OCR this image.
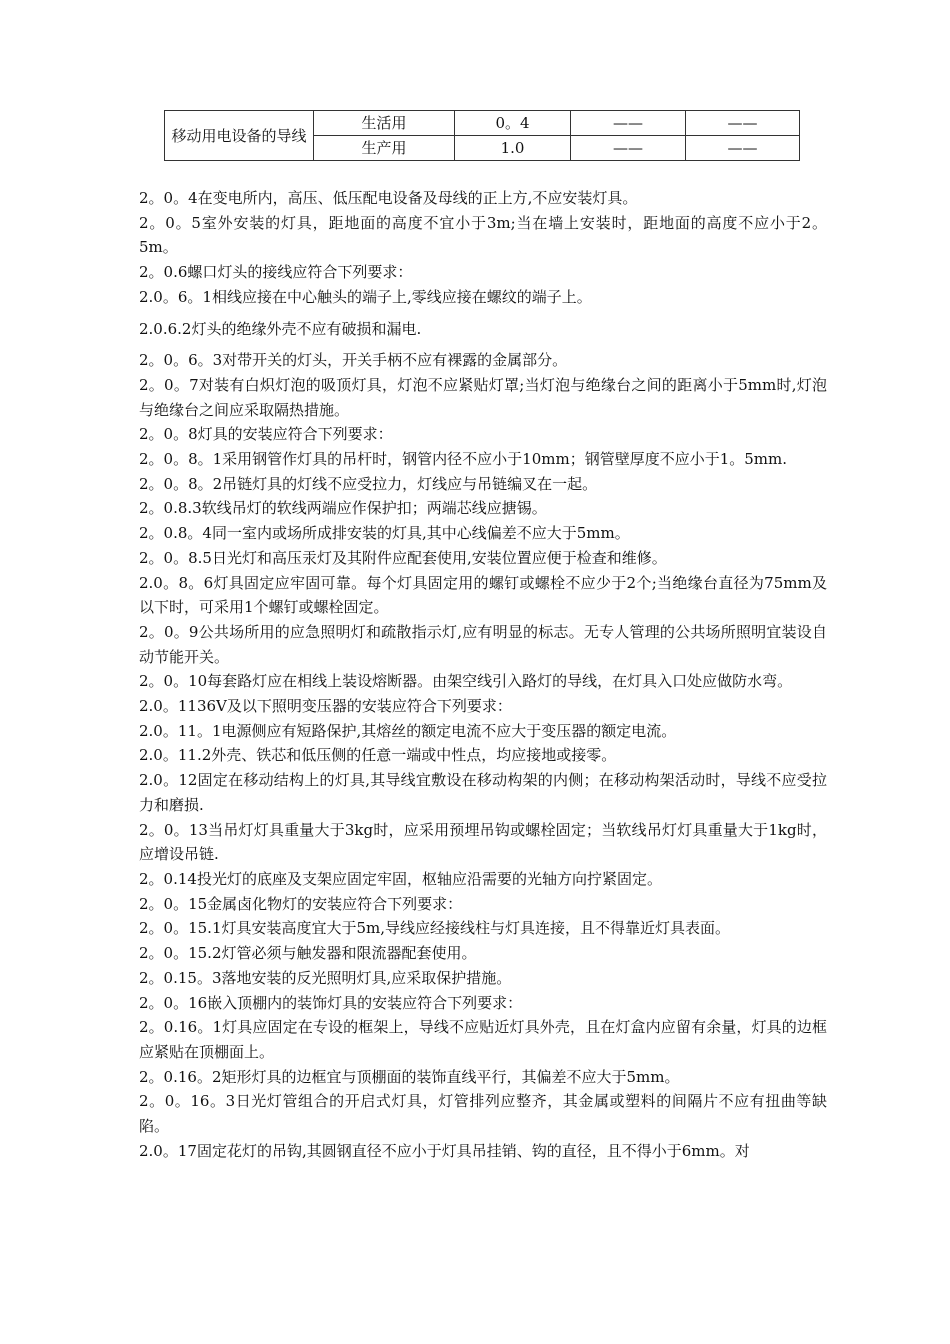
移动用电设备的导线	生活用	0。4	——	——
	生产用	1.0	——	——

2。0。4在变电所内，高压、低压配电设备及母线的正上方,不应安装灯具。

2。0。5室外安装的灯具，距地面的高度不宜小于3m;当在墙上安装时，距地面的高度不应小于2。5m。

2。0.6螺口灯头的接线应符合下列要求：

2.0。6。1相线应接在中心触头的端子上,零线应接在螺纹的端子上。

2.0.6.2灯头的绝缘外壳不应有破损和漏电.

2。0。6。3对带开关的灯头，开关手柄不应有裸露的金属部分。

2。0。7对装有白炽灯泡的吸顶灯具，灯泡不应紧贴灯罩;当灯泡与绝缘台之间的距离小于5mm时,灯泡与绝缘台之间应采取隔热措施。

2。0。8灯具的安装应符合下列要求：

2。0。8。1采用钢管作灯具的吊杆时，钢管内径不应小于10mm；钢管壁厚度不应小于1。5mm.

2。0。8。2吊链灯具的灯线不应受拉力，灯线应与吊链编叉在一起。

2。0.8.3软线吊灯的软线两端应作保护扣；两端芯线应搪锡。

2。0.8。4同一室内或场所成排安装的灯具,其中心线偏差不应大于5mm。

2。0。8.5日光灯和高压汞灯及其附件应配套使用,安装位置应便于检查和维修。

2.0。8。6灯具固定应牢固可靠。每个灯具固定用的螺钉或螺栓不应少于2个;当绝缘台直径为75mm及以下时，可采用1个螺钉或螺栓固定。

2。0。9公共场所用的应急照明灯和疏散指示灯,应有明显的标志。无专人管理的公共场所照明宜装设自动节能开关。

2。0。10每套路灯应在相线上装设熔断器。由架空线引入路灯的导线，在灯具入口处应做防水弯。

2.0。1136V及以下照明变压器的安装应符合下列要求：

2.0。11。1电源侧应有短路保护,其熔丝的额定电流不应大于变压器的额定电流。

2.0。11.2外壳、铁芯和低压侧的任意一端或中性点，均应接地或接零。

2.0。12固定在移动结构上的灯具,其导线宜敷设在移动构架的内侧；在移动构架活动时，导线不应受拉力和磨损.

2。0。13当吊灯灯具重量大于3kg时，应采用预埋吊钩或螺栓固定；当软线吊灯灯具重量大于1kg时，应增设吊链.

2。0.14投光灯的底座及支架应固定牢固，枢轴应沿需要的光轴方向拧紧固定。

2。0。15金属卤化物灯的安装应符合下列要求：

2。0。15.1灯具安装高度宜大于5m,导线应经接线柱与灯具连接，且不得靠近灯具表面。

2。0。15.2灯管必须与触发器和限流器配套使用。

2。0.15。3落地安装的反光照明灯具,应采取保护措施。

2。0。16嵌入顶棚内的装饰灯具的安装应符合下列要求：

2。0.16。1灯具应固定在专设的框架上，导线不应贴近灯具外壳，且在灯盒内应留有余量，灯具的边框应紧贴在顶棚面上。

2。0.16。2矩形灯具的边框宜与顶棚面的装饰直线平行，其偏差不应大于5mm。

2。0。16。3日光灯管组合的开启式灯具，灯管排列应整齐，其金属或塑料的间隔片不应有扭曲等缺陷。

2.0。17固定花灯的吊钩,其圆钢直径不应小于灯具吊挂销、钩的直径，且不得小于6mm。对
